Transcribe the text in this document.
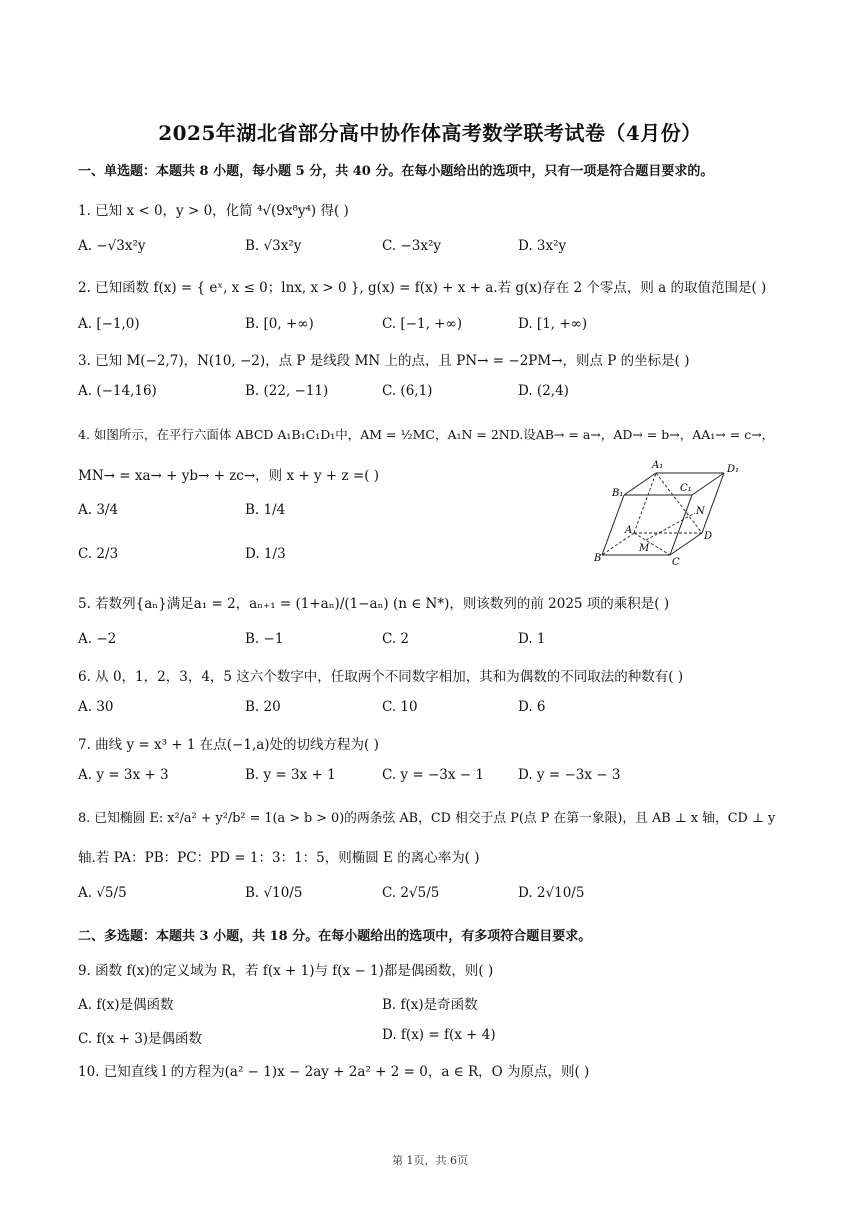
2025年湖北省部分高中协作体高考数学联考试卷（4月份）
一、单选题：本题共 8 小题，每小题 5 分，共 40 分。在每小题给出的选项中，只有一项是符合题目要求的。
1. 已知 x < 0，y > 0，化简 ⁴√(9x⁸y⁴) 得( )
A. −√3x²y	B. √3x²y	C. −3x²y	D. 3x²y
2. 已知函数 f(x) = { eˣ, x ≤ 0；lnx, x > 0 }, g(x) = f(x) + x + a.若 g(x)存在 2 个零点，则 a 的取值范围是( )
A. [−1,0)	B. [0, +∞)	C. [−1, +∞)	D. [1, +∞)
3. 已知 M(−2,7)，N(10, −2)，点 P 是线段 MN 上的点，且 PN→ = −2PM→，则点 P 的坐标是( )
A. (−14,16)	B. (22, −11)	C. (6,1)	D. (2,4)
4. 如图所示，在平行六面体 ABCD A₁B₁C₁D₁中，AM = ½MC，A₁N = 2ND.设AB→ = a→，AD→ = b→，AA₁→ = c→，
MN→ = xa→ + yb→ + zc→，则 x + y + z =( )
A. 3/4	B. 1/4
C. 2/3	D. 1/3
A₁	D₁
B₁	C₁
A
N
D
M
B	C
5. 若数列{aₙ}满足a₁ = 2，aₙ₊₁ = (1+aₙ)/(1−aₙ) (n ∈ N*)，则该数列的前 2025 项的乘积是( )
A. −2	B. −1	C. 2	D. 1
6. 从 0，1，2，3，4，5 这六个数字中，任取两个不同数字相加，其和为偶数的不同取法的种数有( )
A. 30	B. 20	C. 10	D. 6
7. 曲线 y = x³ + 1 在点(−1,a)处的切线方程为( )
A. y = 3x + 3	B. y = 3x + 1	C. y = −3x − 1	D. y = −3x − 3
8. 已知椭圆 E: x²/a² + y²/b² = 1(a > b > 0)的两条弦 AB，CD 相交于点 P(点 P 在第一象限)，且 AB ⊥ x 轴，CD ⊥ y
轴.若 PA：PB：PC：PD = 1：3：1：5，则椭圆 E 的离心率为( )
A. √5/5	B. √10/5	C. 2√5/5	D. 2√10/5
二、多选题：本题共 3 小题，共 18 分。在每小题给出的选项中，有多项符合题目要求。
9. 函数 f(x)的定义域为 R，若 f(x + 1)与 f(x − 1)都是偶函数，则( )
A. f(x)是偶函数	B. f(x)是奇函数
C. f(x + 3)是偶函数	D. f(x) = f(x + 4)
10. 已知直线 l 的方程为(a² − 1)x − 2ay + 2a² + 2 = 0，a ∈ R，O 为原点，则( )
第 1页，共 6页
